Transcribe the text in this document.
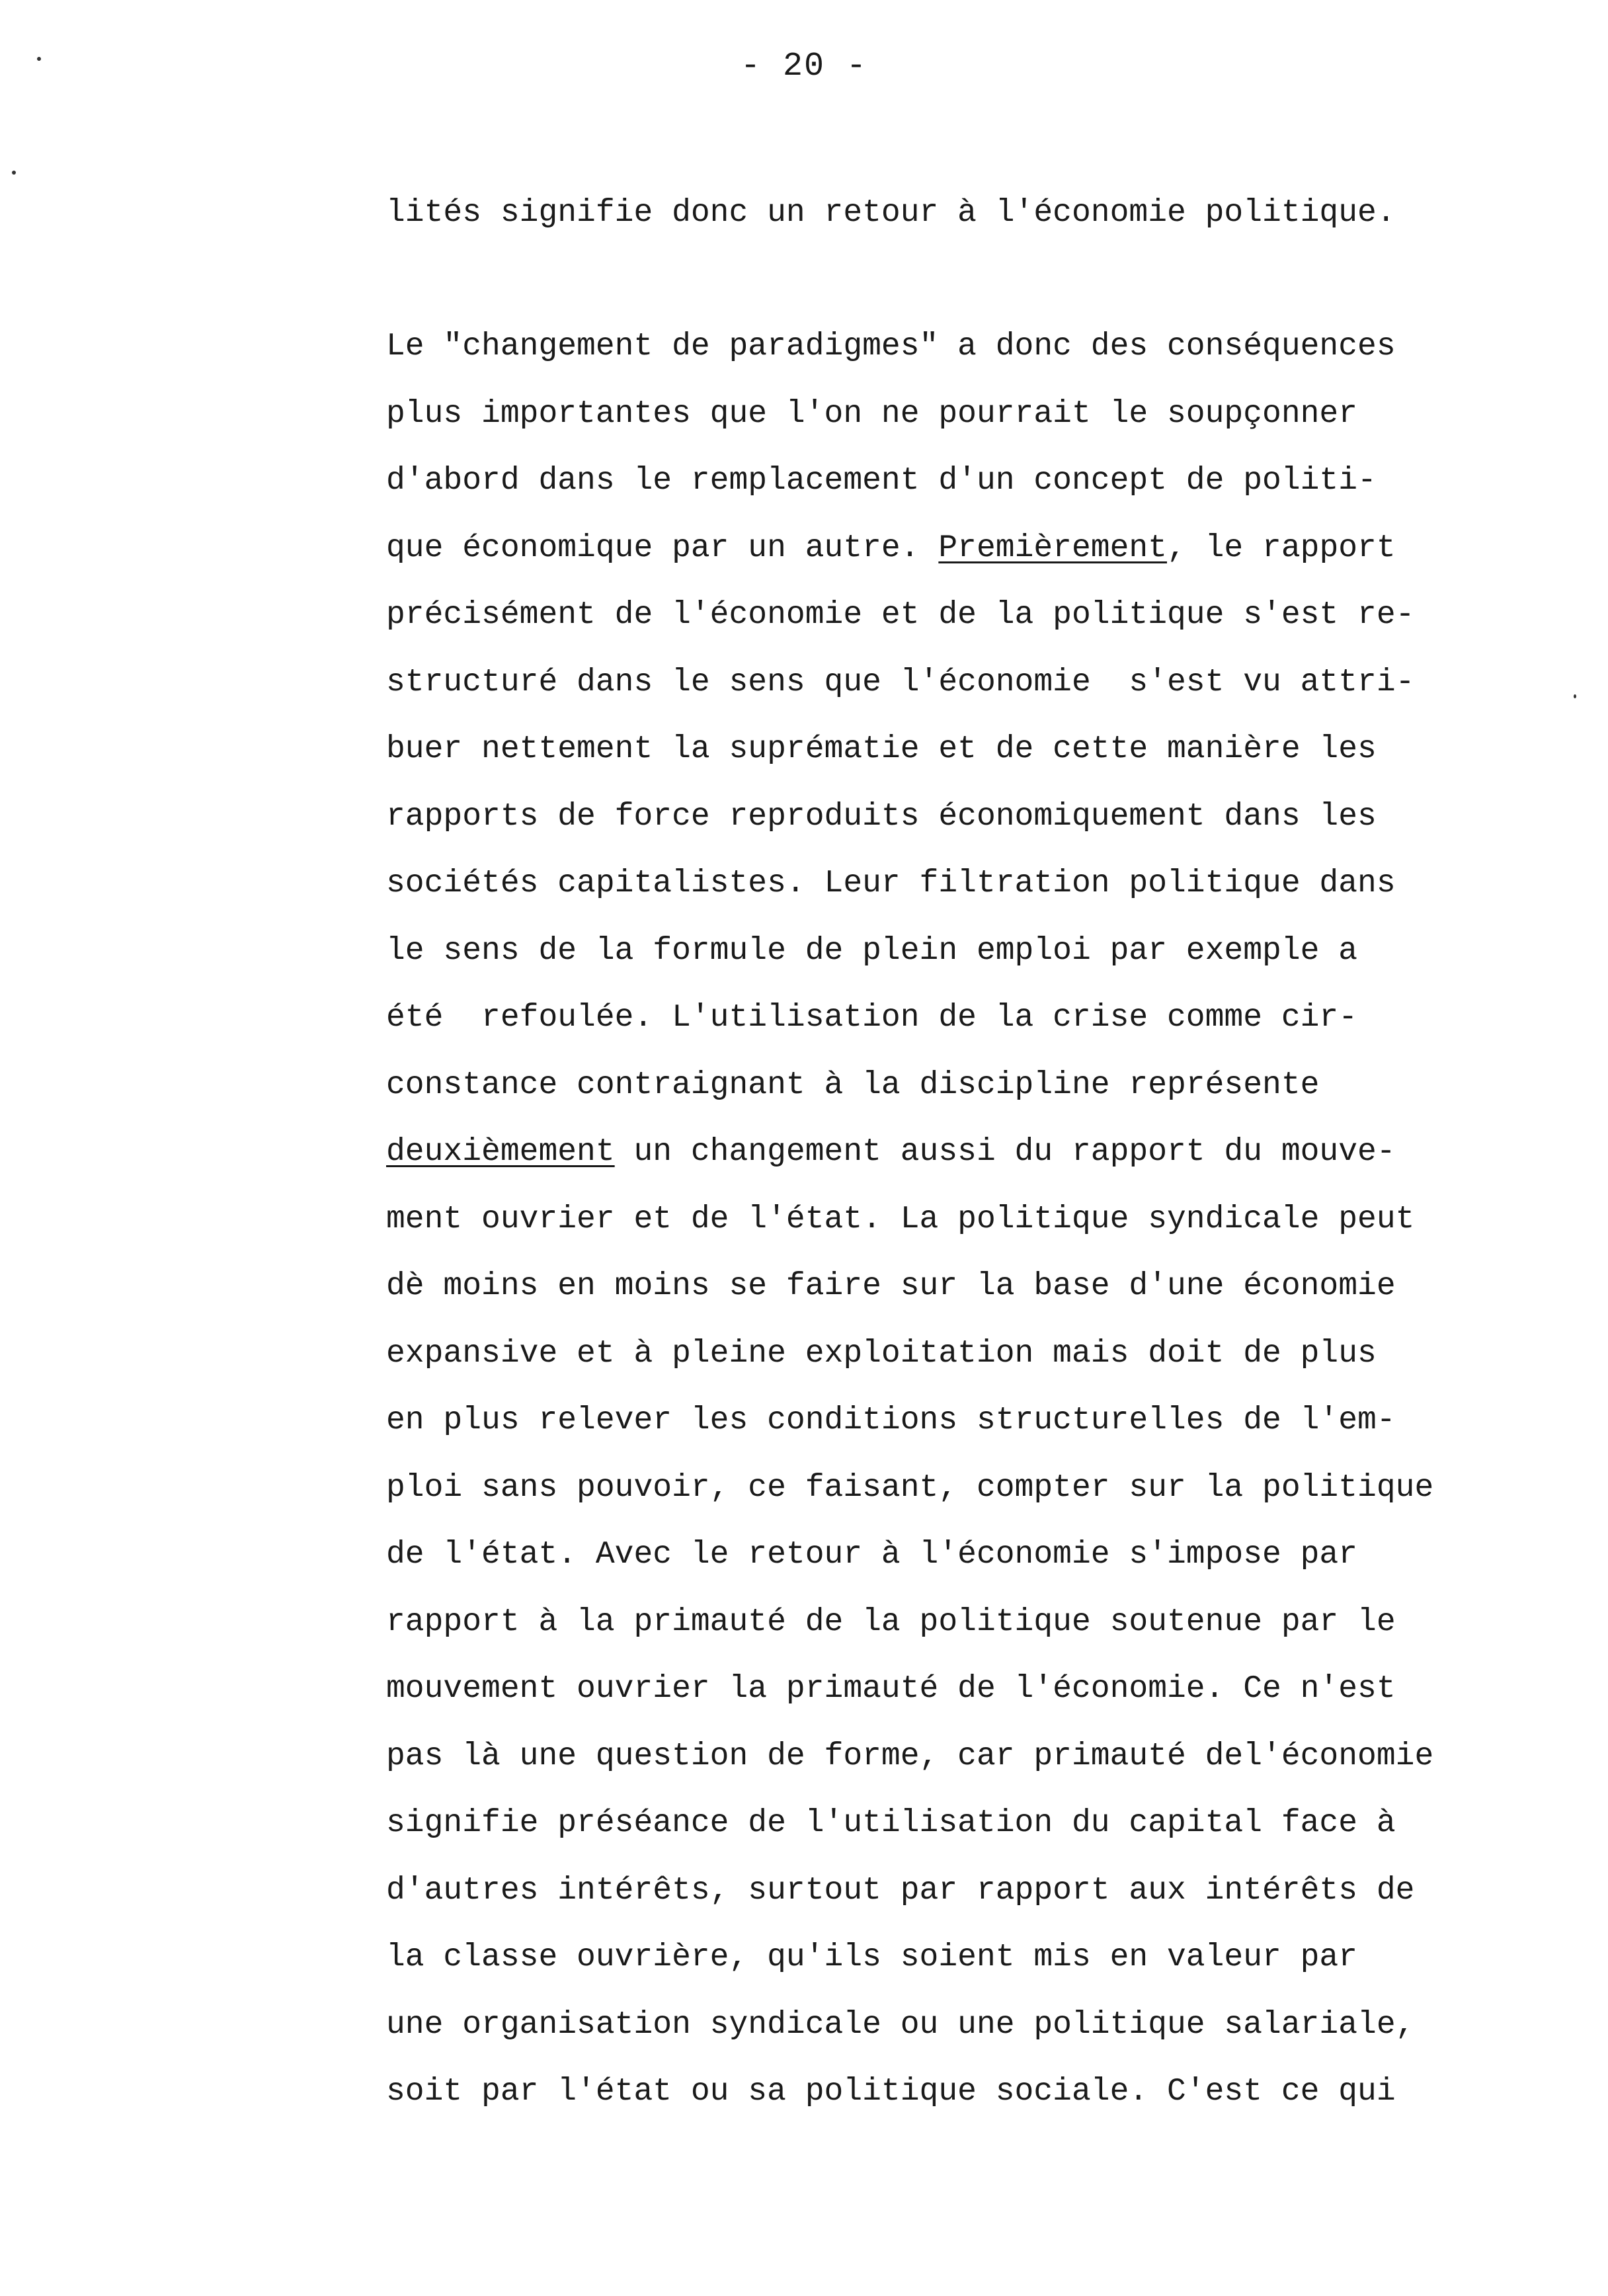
- 20 -
lités signifie donc un retour à l'économie politique.
Le "changement de paradigmes" a donc des conséquences
plus importantes que l'on ne pourrait le soupçonner
d'abord dans le remplacement d'un concept de politi-
que économique par un autre. Premièrement, le rapport
précisément de l'économie et de la politique s'est re-
structuré dans le sens que l'économie  s'est vu attri-
buer nettement la suprématie et de cette manière les
rapports de force reproduits économiquement dans les
sociétés capitalistes. Leur filtration politique dans
le sens de la formule de plein emploi par exemple a
été  refoulée. L'utilisation de la crise comme cir-
constance contraignant à la discipline représente
deuxièmement un changement aussi du rapport du mouve-
ment ouvrier et de l'état. La politique syndicale peut
dè moins en moins se faire sur la base d'une économie
expansive et à pleine exploitation mais doit de plus
en plus relever les conditions structurelles de l'em-
ploi sans pouvoir, ce faisant, compter sur la politique
de l'état. Avec le retour à l'économie s'impose par
rapport à la primauté de la politique soutenue par le
mouvement ouvrier la primauté de l'économie. Ce n'est
pas là une question de forme, car primauté del'économie
signifie préséance de l'utilisation du capital face à
d'autres intérêts, surtout par rapport aux intérêts de
la classe ouvrière, qu'ils soient mis en valeur par
une organisation syndicale ou une politique salariale,
soit par l'état ou sa politique sociale. C'est ce qui
